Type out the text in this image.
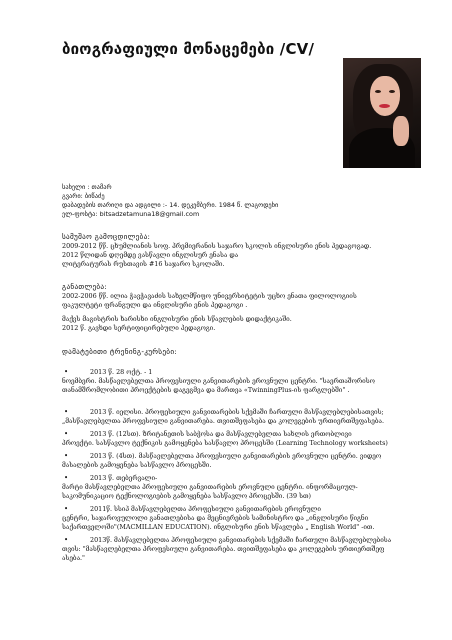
ბიოგრაფიული მონაცემები /CV/
სახელი : თამარ
გვარი: ბიწაძე
დაბადების თარიღი და ადგილი :- 14. დეკემბერი. 1984 წ. ლაგოდეხი
ელ-ფოსტა: bitsadzetamuna18@gmail.com
სამუშაო გამოცდილება:
2009-2012 წწ. ცხუმლიანის სოფ. პრემიერანის საჯარო სკოლის ინგლისური ენის პედაგოგად.
2012 წლიდან დღემდე ვასწავლი ინგლისურ ენასა და
ლიტერატურას რუსთავის #16 საჯარო სკოლაში.
განათლება:
2002-2006 წწ. ილია ჭავჭავაძის სახელმწიფო უნივერსიტეტის უცხო ენათა ფილოლოგიის
ფაკულტეტი ფრანგული და ინგლისური ენის პედაგოგი .
მაქვს მაგისტრის ხარისხი ინგლისური ენის სწავლების დიდაქტიკაში.
2012 წ. გავხდი სერტიფიცირებული პედაგოგი.
დამატებითი ტრენინგ-კურსები:
•	2013 წ. 28 ოქტ. - 1
ნოემბერი. მასწავლებელთა პროფესიული განვითარების ეროვნული ცენტრი. "საერთაშორისო
თანამშრომლობითი პროექტების დაგეგმვა და მართვა «TwinningPlus-ის ფარგლებში" .
•	2013 წ. იელისი. პროფესიული განვითარების სქემაში ჩართული მასწავლებლებისათვის;
„მასწავლებელთა პროფესიული განვითარება. თვითშეფასება და კოლეგების ურთიერთშეფასება.
•	2013 წ. (12სთ). ზრიტანეთის საბჭოსა და მასწავლებელთა სახლის ერთობლივი
პროექტი. სასწავლო ტექნიკის გამოყენება სასწავლო პროცესში (Learning Technology worksheets)
•	2013 წ. (4სთ). მასწავლებელთა პროფესიული განვითარების ეროვნული ცენტრი. ვიდეო
მასალების გამოყენება სასწავლო პროცესში.
•	2013 წ. თებერვალი-
მარტი მასწავლებელთა პროფესიული განვითარების ეროვნული ცენტრი. ინფორმაციულ-
საკომუნიკაციო ტექნოლოგიების გამოყენება სასწავლო პროცესში. (39 სთ)
•	2011წ. სსიპ მასწავლებელთა პროფესიული განვითარების ეროვნული
ცენტრი, საჯაროვულოლი განათლებისა და მეცნიერების სამინისტრო და „ინგლისური წიგნი
საქართველოში"(MACMILLAN EDUCATION). ინგლისური ენის სწავლება „ English World" -ით.
•	2013წ. მასწავლებელთა პროფესიული განვითარების სქემაში ჩართული მასწავლებლებისა
თვის: "მასწავლებელთა პროფესიული განვითარება. თვითშეფასება და კოლეგების ურთიერთშეფ
ასება."
